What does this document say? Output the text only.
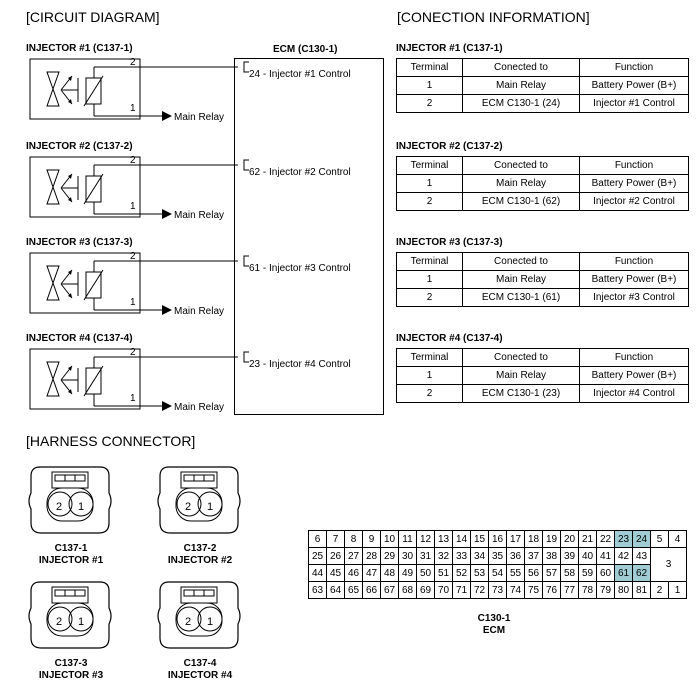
[CIRCUIT DIAGRAM]	[CONECTION INFORMATION]
[HARNESS CONNECTOR]
ECM (C130-1)
INJECTOR #1 (C137-1)
2
1
Main Relay
24 - Injector #1 Control
INJECTOR #2 (C137-2)
2
1
Main Relay
62 - Injector #2 Control
INJECTOR #3 (C137-3)
2
1
Main Relay
61 - Injector #3 Control
INJECTOR #4 (C137-4)
2
1
Main Relay
23 - Injector #4 Control
INJECTOR #1 (C137-1)
Terminal	Conected to	Function
1	Main Relay	Battery Power (B+)
2	ECM C130-1 (24)	Injector #1 Control
INJECTOR #2 (C137-2)
Terminal	Conected to	Function
1	Main Relay	Battery Power (B+)
2	ECM C130-1 (62)	Injector #2 Control
INJECTOR #3 (C137-3)
Terminal	Conected to	Function
1	Main Relay	Battery Power (B+)
2	ECM C130-1 (61)	Injector #3 Control
INJECTOR #4 (C137-4)
Terminal	Conected to	Function
1	Main Relay	Battery Power (B+)
2	ECM C130-1 (23)	Injector #4 Control
2 1
C137-1
INJECTOR #1
2 1
C137-2
INJECTOR #2
2 1
C137-3
INJECTOR #3
2 1
C137-4
INJECTOR #4
6	7	8	9	10	11	12	13	14	15	16	17	18	19	20	21	22	23	24	5	4
25	26	27	28	29	30	31	32	33	34	35	36	37	38	39	40	41	42	43	3	
44	45	46	47	48	49	50	51	52	53	54	55	56	57	58	59	60	61	62		
63	64	65	66	67	68	69	70	71	72	73	74	75	76	77	78	79	80	81	2	1
C130-1
ECM
